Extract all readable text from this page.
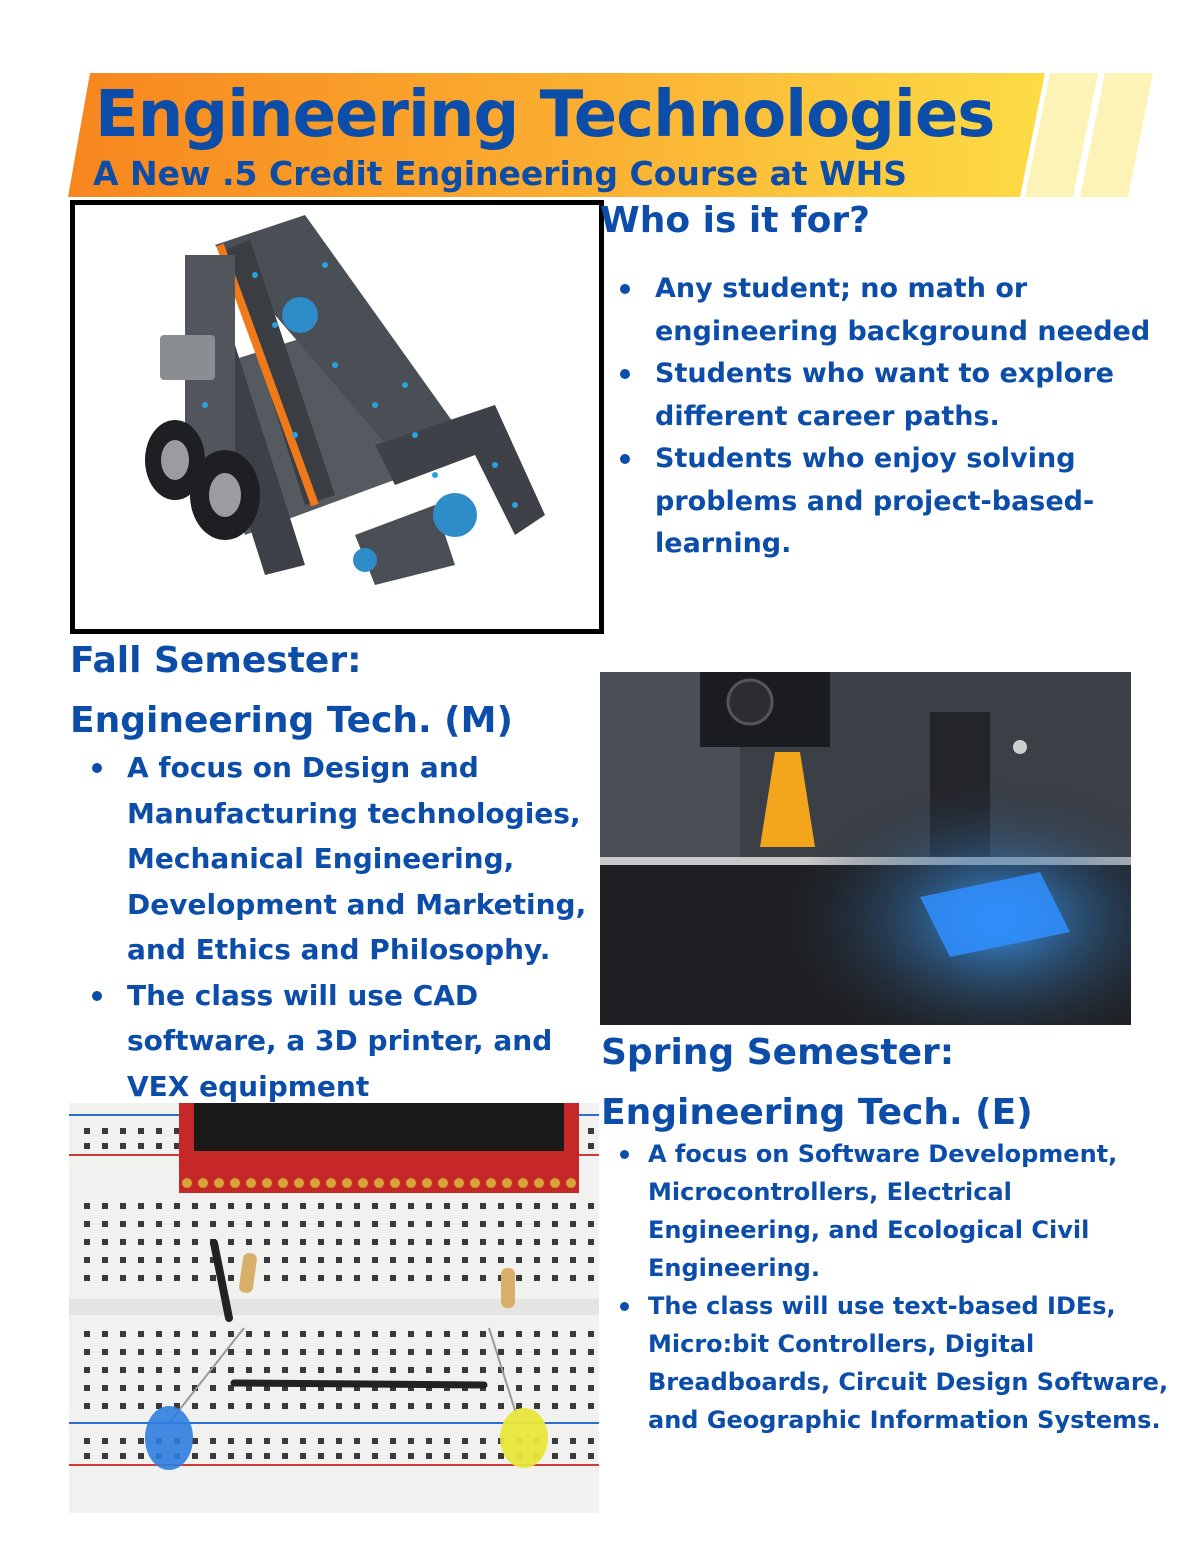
Engineering Technologies
A New .5 Credit Engineering Course at WHS
Who is it for?
Any student; no math or engineering background needed
Students who want to explore different career paths.
Students who enjoy solving problems and project-based-learning.
Fall Semester:
Engineering Tech. (M)
A focus on Design and Manufacturing technologies, Mechanical Engineering, Development and Marketing, and Ethics and Philosophy.
The class will use CAD software, a 3D printer, and VEX equipment
Spring Semester:
Engineering Tech. (E)
A focus on Software Development, Microcontrollers, Electrical Engineering, and Ecological Civil Engineering.
The class will use text-based IDEs, Micro:bit Controllers, Digital Breadboards, Circuit Design Software, and Geographic Information Systems.
